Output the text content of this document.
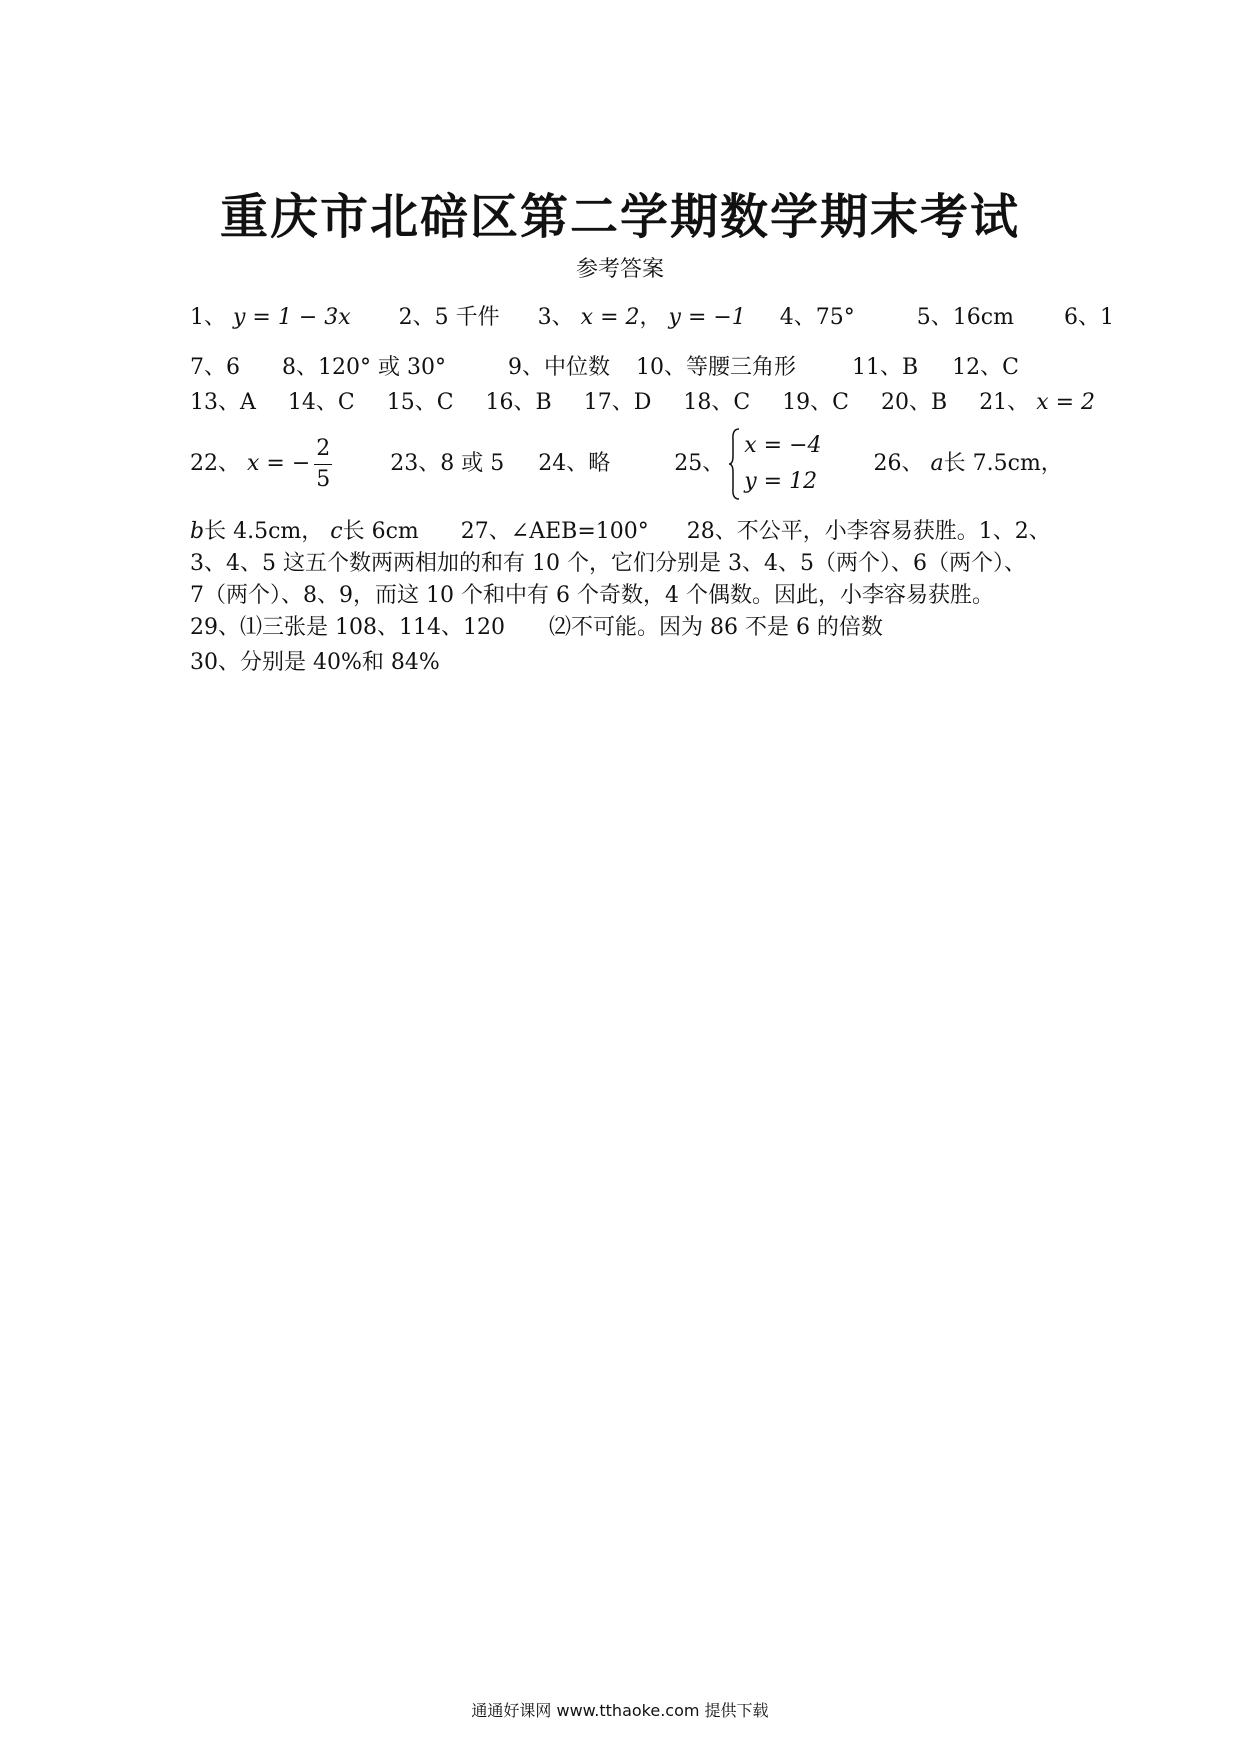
重庆市北碚区第二学期数学期末考试
参考答案
1、 y = 1 − 3x 2、5 千件 3、 x = 2， y = −1 4、75°	5、16cm 6、1
7、6 8、120° 或 30°	9、中位数 10、等腰三角形	11、B 12、C
13、A 14、C 15、C 16、B 17、D 18、C 19、C 20、B 21、 x = 2
22、 x = − $\frac{2}{5}$	23、8 或 5 24、略	25、
x = −4
y = 12
26、 a长 7.5cm，
b长 4.5cm， c长 6cm 27、∠AEB=100° 28、不公平，小李容易获胜。1、2、
3、4、5 这五个数两两相加的和有 10 个，它们分别是 3、4、5（两个）、6（两个）、
7（两个）、8、9，而这 10 个和中有 6 个奇数，4 个偶数。因此，小李容易获胜。
29、⑴三张是 108、114、120 ⑵不可能。因为 86 不是 6 的倍数
30、分别是 40%和 84%
通通好课网 www.tthaoke.com 提供下载
